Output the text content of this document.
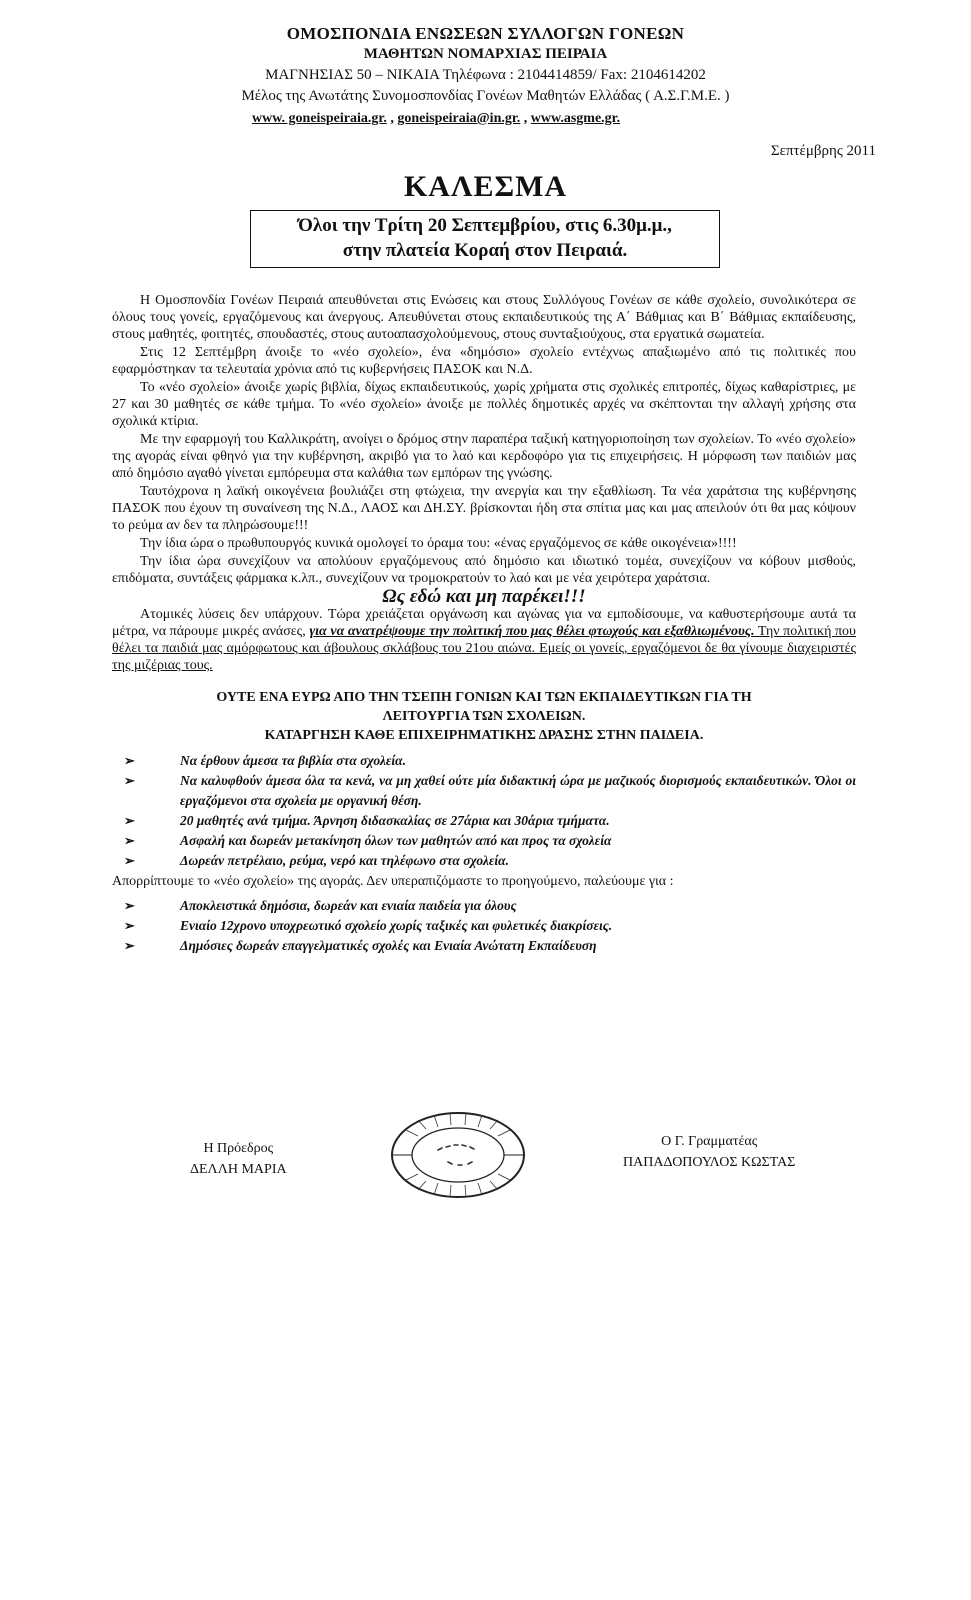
ΟΜΟΣΠΟΝΔΙΑ ΕΝΩΣΕΩΝ ΣΥΛΛΟΓΩΝ ΓΟΝΕΩΝ
ΜΑΘΗΤΩΝ ΝΟΜΑΡΧΙΑΣ ΠΕΙΡΑΙΑ
ΜΑΓΝΗΣΙΑΣ 50 – ΝΙΚΑΙΑ Τηλέφωνα : 2104414859/ Fax: 2104614202
Μέλος της Ανωτάτης Συνομοσπονδίας Γονέων Μαθητών Ελλάδας ( Α.Σ.Γ.Μ.Ε. )
www. goneispeiraia.gr. , goneispeiraia@in.gr. , www.asgme.gr.
Σεπτέμβρης 2011
ΚΑΛΕΣΜΑ
Όλοι την Τρίτη 20 Σεπτεμβρίου, στις 6.30μ.μ.,
στην πλατεία Κοραή στον Πειραιά.

Η Ομοσπονδία Γονέων Πειραιά απευθύνεται στις Ενώσεις και στους Συλλόγους Γονέων σε κάθε σχολείο, συνολικότερα σε όλους τους γονείς, εργαζόμενους και άνεργους. Απευθύνεται στους εκπαιδευτικούς της Α΄ Βάθμιας και Β΄ Βάθμιας εκπαίδευσης, στους μαθητές, φοιτητές, σπουδαστές, στους αυτοαπασχολούμενους, στους συνταξιούχους, στα εργατικά σωματεία.

Στις 12 Σεπτέμβρη άνοιξε το «νέο σχολείο», ένα «δημόσιο» σχολείο εντέχνως απαξιωμένο από τις πολιτικές που εφαρμόστηκαν τα τελευταία χρόνια από τις κυβερνήσεις ΠΑΣΟΚ και Ν.Δ.

Το «νέο σχολείο» άνοιξε χωρίς βιβλία, δίχως εκπαιδευτικούς, χωρίς χρήματα στις σχολικές επιτροπές, δίχως καθαρίστριες, με 27 και 30 μαθητές σε κάθε τμήμα. Το «νέο σχολείο» άνοιξε με πολλές δημοτικές αρχές να σκέπτονται την αλλαγή χρήσης στα σχολικά κτίρια.

Με την εφαρμογή του Καλλικράτη, ανοίγει ο δρόμος στην παραπέρα ταξική κατηγοριοποίηση των σχολείων. Το «νέο σχολείο» της αγοράς είναι φθηνό για την κυβέρνηση, ακριβό για το λαό και κερδοφόρο για τις επιχειρήσεις. Η μόρφωση των παιδιών μας από δημόσιο αγαθό γίνεται εμπόρευμα στα καλάθια των εμπόρων της γνώσης.

Ταυτόχρονα η λαϊκή οικογένεια βουλιάζει στη φτώχεια, την ανεργία και την εξαθλίωση. Τα νέα χαράτσια της κυβέρνησης ΠΑΣΟΚ που έχουν τη συναίνεση της Ν.Δ., ΛΑΟΣ και ΔΗ.ΣΥ. βρίσκονται ήδη στα σπίτια μας και μας απειλούν ότι θα μας κόψουν το ρεύμα αν δεν τα πληρώσουμε!!!

Την ίδια ώρα ο πρωθυπουργός κυνικά ομολογεί το όραμα του: «ένας εργαζόμενος σε κάθε οικογένεια»!!!!

Την ίδια ώρα συνεχίζουν να απολύουν εργαζόμενους από δημόσιο και ιδιωτικό τομέα, συνεχίζουν να κόβουν μισθούς, επιδόματα, συντάξεις φάρμακα κ.λπ., συνεχίζουν να τρομοκρατούν το λαό και με νέα χειρότερα χαράτσια.

Ως εδώ και μη παρέκει!!!

Ατομικές λύσεις δεν υπάρχουν. Τώρα χρειάζεται οργάνωση και αγώνας για να εμποδίσουμε, να καθυστερήσουμε αυτά τα μέτρα, να πάρουμε μικρές ανάσες, για να ανατρέψουμε την πολιτική που μας θέλει φτωχούς και εξαθλιωμένους. Την πολιτική που θέλει τα παιδιά μας αμόρφωτους και άβουλους σκλάβους του 21ου αιώνα. Εμείς οι γονείς, εργαζόμενοι δε θα γίνουμε διαχειριστές της μιζέριας τους.

ΟΥΤΕ ΕΝΑ ΕΥΡΩ ΑΠΟ ΤΗΝ ΤΣΕΠΗ ΓΟΝΙΩΝ ΚΑΙ ΤΩΝ ΕΚΠΑΙΔΕΥΤΙΚΩΝ ΓΙΑ ΤΗ
ΛΕΙΤΟΥΡΓΙΑ ΤΩΝ ΣΧΟΛΕΙΩΝ.
ΚΑΤΑΡΓΗΣΗ ΚΑΘΕ ΕΠΙΧΕΙΡΗΜΑΤΙΚΗΣ ΔΡΑΣΗΣ ΣΤΗΝ ΠΑΙΔΕΙΑ.
➢	Να έρθουν άμεσα τα βιβλία στα σχολεία.
➢	Να καλυφθούν άμεσα όλα τα κενά, να μη χαθεί ούτε μία διδακτική ώρα με μαζικούς διορισμούς εκπαιδευτικών. Όλοι οι εργαζόμενοι στα σχολεία με οργανική θέση.
➢	20 μαθητές ανά τμήμα. Άρνηση διδασκαλίας σε 27άρια και 30άρια τμήματα.
➢	Ασφαλή και δωρεάν μετακίνηση όλων των μαθητών από και προς τα σχολεία
➢	Δωρεάν πετρέλαιο, ρεύμα, νερό και τηλέφωνο στα σχολεία.

Απορρίπτουμε το «νέο σχολείο» της αγοράς. Δεν υπεραπιζόμαστε το προηγούμενο, παλεύουμε για :

➢	Αποκλειστικά δημόσια, δωρεάν και ενιαία παιδεία για όλους
➢	Ενιαίο 12χρονο υποχρεωτικό σχολείο χωρίς ταξικές και φυλετικές διακρίσεις.
➢	Δημόσιες δωρεάν επαγγελματικές σχολές και Ενιαία Ανώτατη Εκπαίδευση
Η Πρόεδρος
ΔΕΛΛΗ ΜΑΡΙΑ
Ο Γ. Γραμματέας
ΠΑΠΑΔΟΠΟΥΛΟΣ ΚΩΣΤΑΣ
